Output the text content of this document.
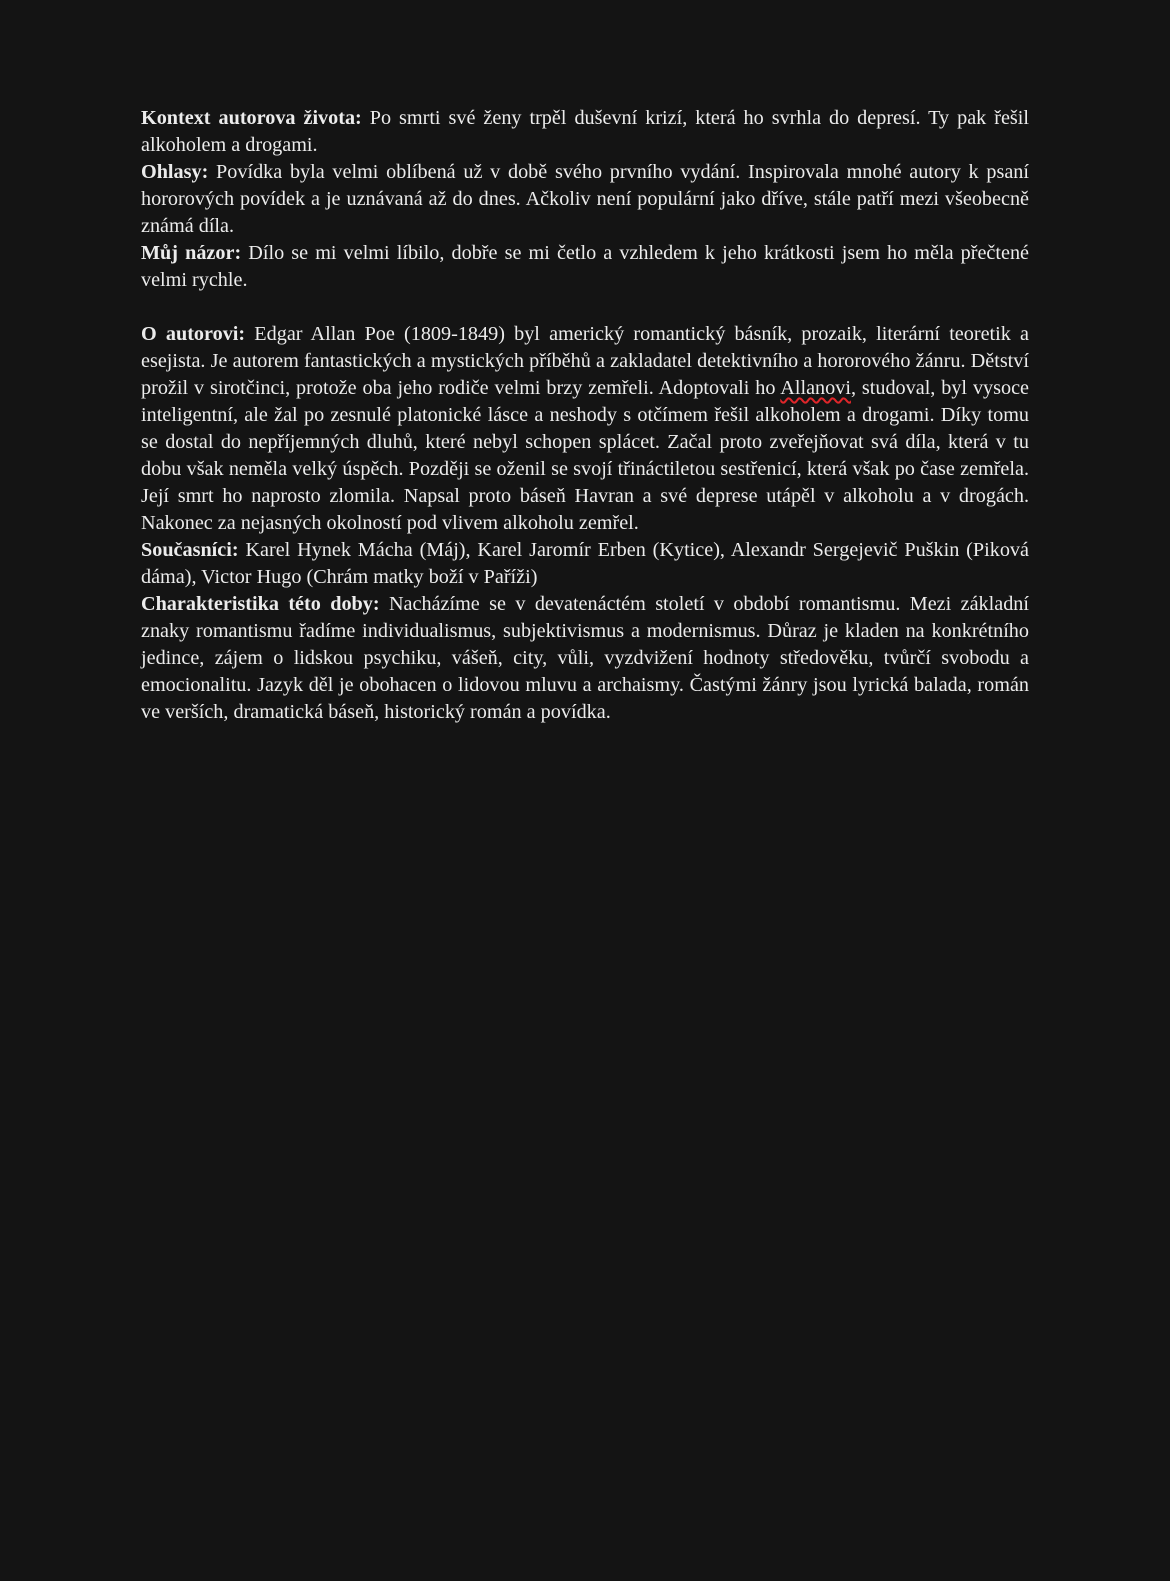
Kontext autorova života: Po smrti své ženy trpěl duševní krizí, která ho svrhla do depresí. Ty pak řešil alkoholem a drogami.

Ohlasy: Povídka byla velmi oblíbená už v době svého prvního vydání. Inspirovala mnohé autory k psaní hororových povídek a je uznávaná až do dnes. Ačkoliv není populární jako dříve, stále patří mezi všeobecně známá díla.

Můj názor: Dílo se mi velmi líbilo, dobře se mi četlo a vzhledem k jeho krátkosti jsem ho měla přečtené velmi rychle.

O autorovi: Edgar Allan Poe (1809-1849) byl americký romantický básník, prozaik, literární teoretik a esejista. Je autorem fantastických a mystických příběhů a zakladatel detektivního a hororového žánru. Dětství prožil v sirotčinci, protože oba jeho rodiče velmi brzy zemřeli. Adoptovali ho Allanovi, studoval, byl vysoce inteligentní, ale žal po zesnulé platonické lásce a neshody s otčímem řešil alkoholem a drogami. Díky tomu se dostal do nepříjemných dluhů, které nebyl schopen splácet. Začal proto zveřejňovat svá díla, která v tu dobu však neměla velký úspěch. Později se oženil se svojí třináctiletou sestřenicí, která však po čase zemřela. Její smrt ho naprosto zlomila. Napsal proto báseň Havran a své deprese utápěl v alkoholu a v drogách. Nakonec za nejasných okolností pod vlivem alkoholu zemřel.

Současníci: Karel Hynek Mácha (Máj), Karel Jaromír Erben (Kytice), Alexandr Sergejevič Puškin (Piková dáma), Victor Hugo (Chrám matky boží v Paříži)

Charakteristika této doby: Nacházíme se v devatenáctém století v období romantismu. Mezi základní znaky romantismu řadíme individualismus, subjektivismus a modernismus. Důraz je kladen na konkrétního jedince, zájem o lidskou psychiku, vášeň, city, vůli, vyzdvižení hodnoty středověku, tvůrčí svobodu a emocionalitu. Jazyk děl je obohacen o lidovou mluvu a archaismy. Častými žánry jsou lyrická balada, román ve verších, dramatická báseň, historický román a povídka.
